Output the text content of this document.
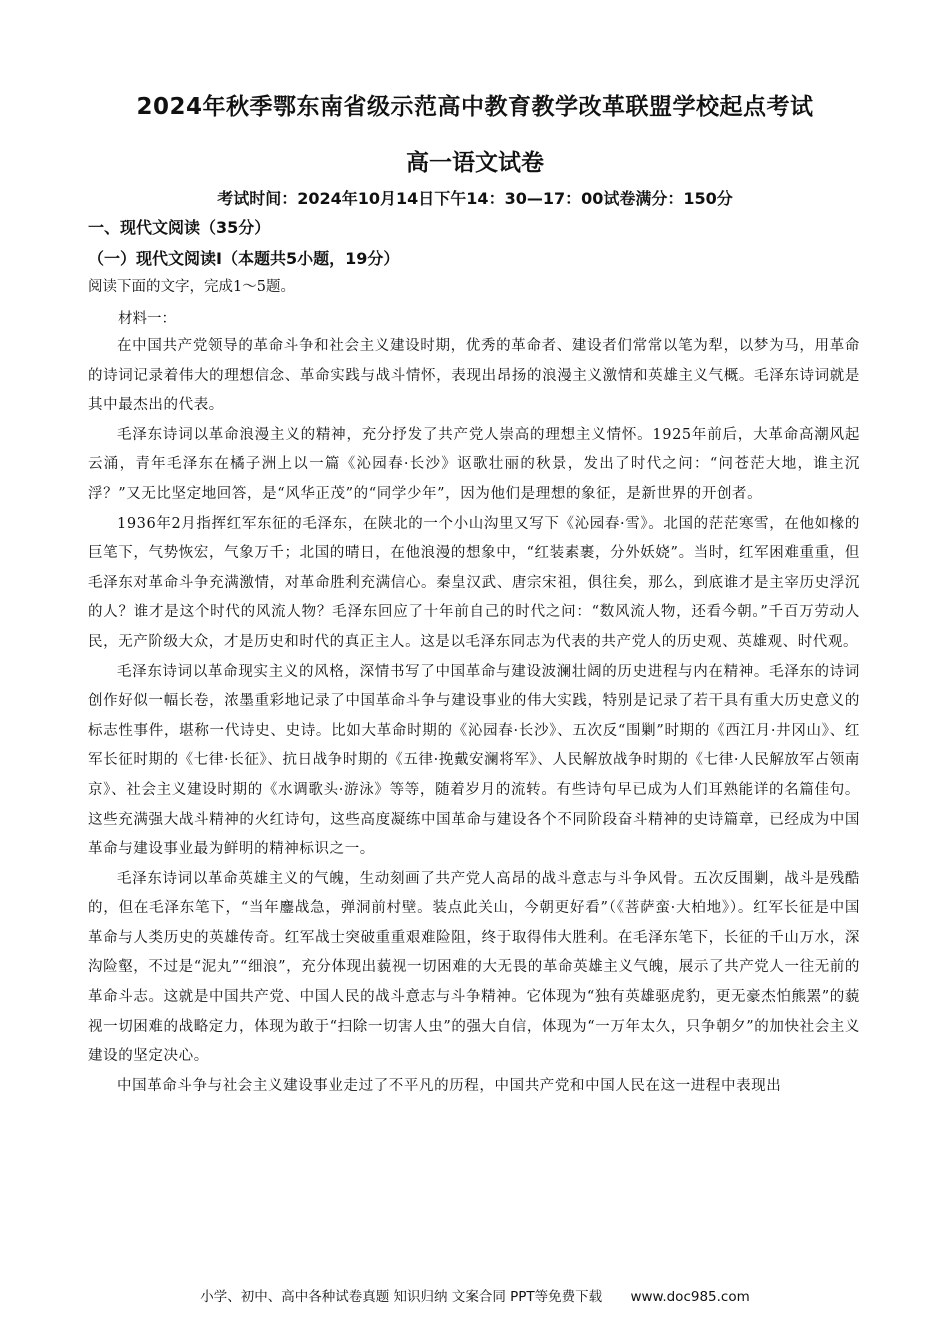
2024年秋季鄂东南省级示范高中教育教学改革联盟学校起点考试
高一语文试卷
考试时间：2024年10月14日下午14：30—17：00试卷满分：150分
一、现代文阅读（35分）
（一）现代文阅读Ⅰ（本题共5小题，19分）
阅读下面的文字，完成1～5题。
材料一：

在中国共产党领导的革命斗争和社会主义建设时期，优秀的革命者、建设者们常常以笔为犁，以梦为马，用革命的诗词记录着伟大的理想信念、革命实践与战斗情怀，表现出昂扬的浪漫主义激情和英雄主义气概。毛泽东诗词就是其中最杰出的代表。

毛泽东诗词以革命浪漫主义的精神，充分抒发了共产党人崇高的理想主义情怀。1925年前后，大革命高潮风起云涌，青年毛泽东在橘子洲上以一篇《沁园春·长沙》讴歌壮丽的秋景，发出了时代之问：“问苍茫大地，谁主沉浮？”又无比坚定地回答，是“风华正茂”的“同学少年”，因为他们是理想的象征，是新世界的开创者。

1936年2月指挥红军东征的毛泽东，在陕北的一个小山沟里又写下《沁园春·雪》。北国的茫茫寒雪，在他如椽的巨笔下，气势恢宏，气象万千；北国的晴日，在他浪漫的想象中，“红装素裹，分外妖娆”。当时，红军困难重重，但毛泽东对革命斗争充满激情，对革命胜利充满信心。秦皇汉武、唐宗宋祖，俱往矣，那么，到底谁才是主宰历史浮沉的人？谁才是这个时代的风流人物？毛泽东回应了十年前自己的时代之问：“数风流人物，还看今朝。”千百万劳动人民，无产阶级大众，才是历史和时代的真正主人。这是以毛泽东同志为代表的共产党人的历史观、英雄观、时代观。

毛泽东诗词以革命现实主义的风格，深情书写了中国革命与建设波澜壮阔的历史进程与内在精神。毛泽东的诗词创作好似一幅长卷，浓墨重彩地记录了中国革命斗争与建设事业的伟大实践，特别是记录了若干具有重大历史意义的标志性事件，堪称一代诗史、史诗。比如大革命时期的《沁园春·长沙》、五次反“围剿”时期的《西江月·井冈山》、红军长征时期的《七律·长征》、抗日战争时期的《五律·挽戴安澜将军》、人民解放战争时期的《七律·人民解放军占领南京》、社会主义建设时期的《水调歌头·游泳》等等，随着岁月的流转。有些诗句早已成为人们耳熟能详的名篇佳句。这些充满强大战斗精神的火红诗句，这些高度凝练中国革命与建设各个不同阶段奋斗精神的史诗篇章，已经成为中国革命与建设事业最为鲜明的精神标识之一。

毛泽东诗词以革命英雄主义的气魄，生动刻画了共产党人高昂的战斗意志与斗争风骨。五次反围剿，战斗是残酷的，但在毛泽东笔下，“当年鏖战急，弹洞前村壁。装点此关山，今朝更好看”（《菩萨蛮·大柏地》）。红军长征是中国革命与人类历史的英雄传奇。红军战士突破重重艰难险阻，终于取得伟大胜利。在毛泽东笔下，长征的千山万水，深沟险壑，不过是“泥丸”“细浪”，充分体现出藐视一切困难的大无畏的革命英雄主义气魄，展示了共产党人一往无前的革命斗志。这就是中国共产党、中国人民的战斗意志与斗争精神。它体现为“独有英雄驱虎豹，更无豪杰怕熊罴”的藐视一切困难的战略定力，体现为敢于“扫除一切害人虫”的强大自信，体现为“一万年太久，只争朝夕”的加快社会主义建设的坚定决心。

中国革命斗争与社会主义建设事业走过了不平凡的历程，中国共产党和中国人民在这一进程中表现出

小学、初中、高中各种试卷真题 知识归纳 文案合同 PPT等免费下载 www.doc985.com
